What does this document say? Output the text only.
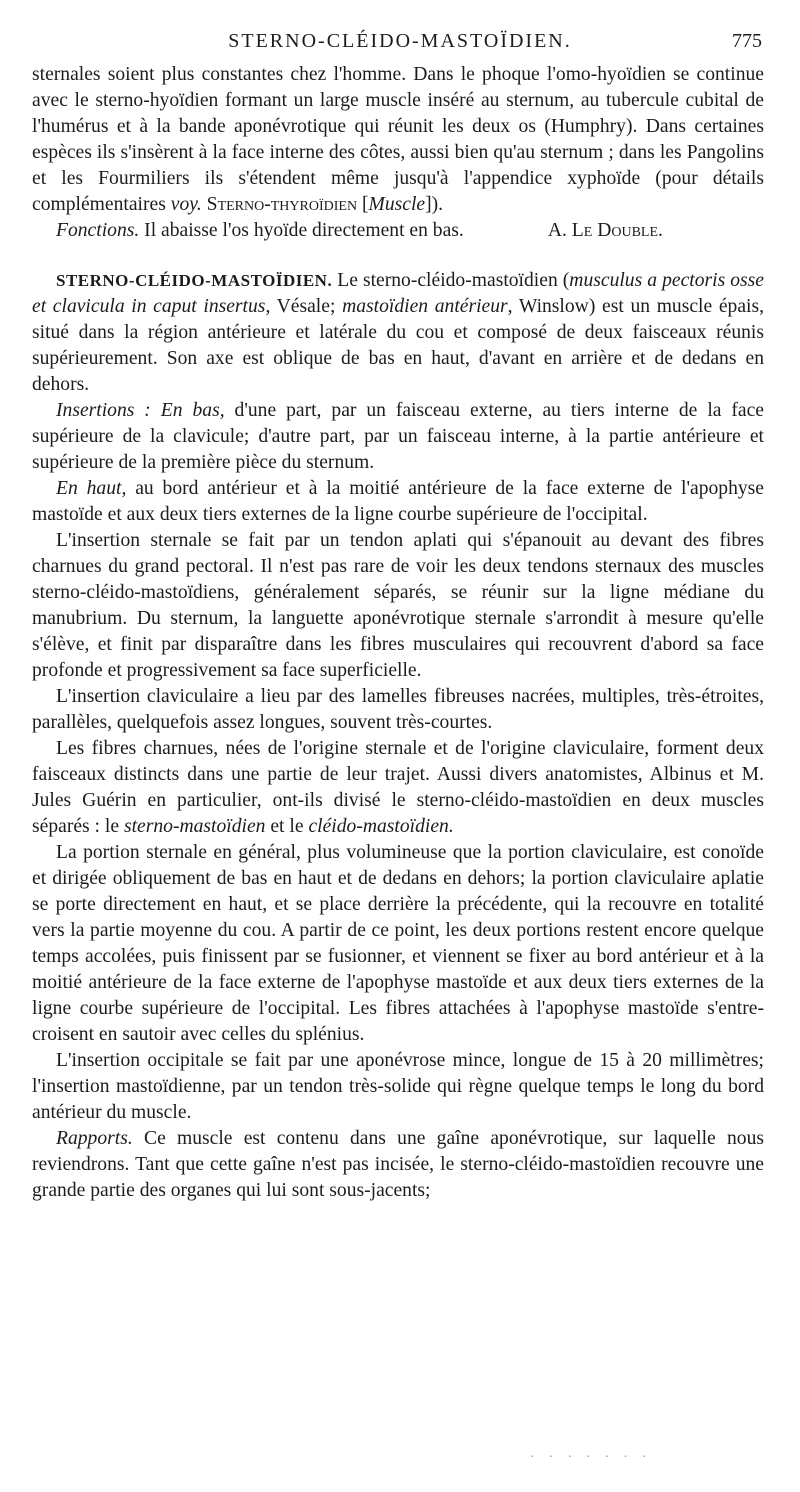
STERNO-CLÉIDO-MASTOÏDIEN.	775

sternales soient plus constantes chez l'homme. Dans le phoque l'omo-hyoïdien se continue avec le sterno-hyoïdien formant un large muscle inséré au sternum, au tubercule cubital de l'humérus et à la bande aponévrotique qui réunit les deux os (Humphry). Dans certaines espèces ils s'insèrent à la face interne des côtes, aussi bien qu'au sternum ; dans les Pangolins et les Fourmiliers ils s'étendent même jusqu'à l'appendice xyphoïde (pour détails complémentaires voy. Sterno-thyroïdien [Muscle]).

Fonctions. Il abaisse l'os hyoïde directement en bas.	A. Le Double.

STERNO-CLÉIDO-MASTOÏDIEN. Le sterno-cléido-mastoïdien (musculus a pectoris osse et clavicula in caput insertus, Vésale; mastoïdien antérieur, Winslow) est un muscle épais, situé dans la région antérieure et latérale du cou et composé de deux faisceaux réunis supérieurement. Son axe est oblique de bas en haut, d'avant en arrière et de dedans en dehors.

Insertions : En bas, d'une part, par un faisceau externe, au tiers interne de la face supérieure de la clavicule; d'autre part, par un faisceau interne, à la partie antérieure et supérieure de la première pièce du sternum.

En haut, au bord antérieur et à la moitié antérieure de la face externe de l'apophyse mastoïde et aux deux tiers externes de la ligne courbe supérieure de l'occipital.

L'insertion sternale se fait par un tendon aplati qui s'épanouit au devant des fibres charnues du grand pectoral. Il n'est pas rare de voir les deux tendons sternaux des muscles sterno-cléido-mastoïdiens, généralement séparés, se réunir sur la ligne médiane du manubrium. Du sternum, la languette aponévrotique sternale s'arrondit à mesure qu'elle s'élève, et finit par disparaître dans les fibres musculaires qui recouvrent d'abord sa face profonde et progressivement sa face superficielle.

L'insertion claviculaire a lieu par des lamelles fibreuses nacrées, multiples, très-étroites, parallèles, quelquefois assez longues, souvent très-courtes.

Les fibres charnues, nées de l'origine sternale et de l'origine claviculaire, forment deux faisceaux distincts dans une partie de leur trajet. Aussi divers anatomistes, Albinus et M. Jules Guérin en particulier, ont-ils divisé le sterno-cléido-mastoïdien en deux muscles séparés : le sterno-mastoïdien et le cléido-mastoïdien.

La portion sternale en général, plus volumineuse que la portion claviculaire, est conoïde et dirigée obliquement de bas en haut et de dedans en dehors; la portion claviculaire aplatie se porte directement en haut, et se place derrière la précédente, qui la recouvre en totalité vers la partie moyenne du cou. A partir de ce point, les deux portions restent encore quelque temps accolées, puis finissent par se fusionner, et viennent se fixer au bord antérieur et à la moitié antérieure de la face externe de l'apophyse mastoïde et aux deux tiers externes de la ligne courbe supérieure de l'occipital. Les fibres attachées à l'apophyse mastoïde s'entre-croisent en sautoir avec celles du splénius.

L'insertion occipitale se fait par une aponévrose mince, longue de 15 à 20 millimètres; l'insertion mastoïdienne, par un tendon très-solide qui règne quelque temps le long du bord antérieur du muscle.

Rapports. Ce muscle est contenu dans une gaîne aponévrotique, sur laquelle nous reviendrons. Tant que cette gaîne n'est pas incisée, le sterno-cléido-mastoïdien recouvre une grande partie des organes qui lui sont sous-jacents;

·······
